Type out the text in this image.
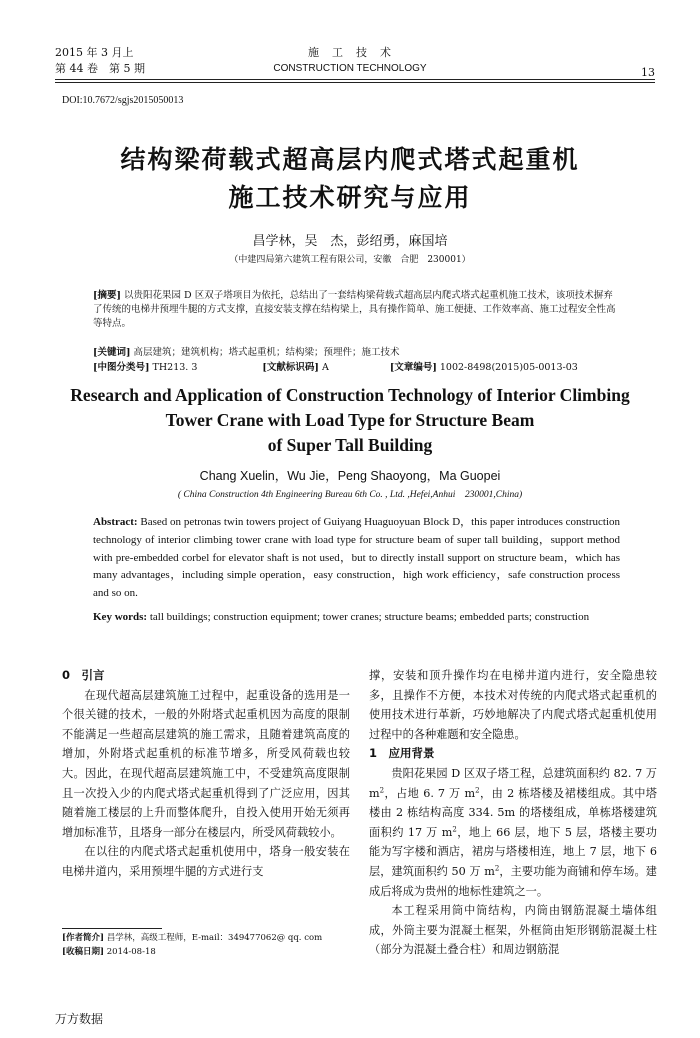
2015 年 3 月上
第 44 卷　第 5 期
施　工　技　术
CONSTRUCTION TECHNOLOGY	13
DOI:10.7672/sgjs2015050013
结构梁荷载式超高层内爬式塔式起重机
施工技术研究与应用
昌学林，吴　杰，彭绍勇，麻国培
（中建四局第六建筑工程有限公司，安徽　合肥　230001）
[摘要] 以贵阳花果园 D 区双子塔项目为依托，总结出了一套结构梁荷载式超高层内爬式塔式起重机施工技术，该项技术摒弃了传统的电梯井预埋牛腿的方式支撑，直接安装支撑在结构梁上，具有操作简单、施工便捷、工作效率高、施工过程安全性高等特点。
[关键词] 高层建筑；建筑机构；塔式起重机；结构梁；预埋件；施工技术
[中图分类号] TH213. 3	[文献标识码] A	[文章编号] 1002-8498(2015)05-0013-03
Research and Application of Construction Technology of Interior Climbing
Tower Crane with Load Type for Structure Beam
of Super Tall Building
Chang Xuelin，Wu Jie，Peng Shaoyong，Ma Guopei
( China Construction 4th Engineering Bureau 6th Co. , Ltd. ,Hefei,Anhui　230001,China)
Abstract: Based on petronas twin towers project of Guiyang Huaguoyuan Block D，this paper introduces construction technology of interior climbing tower crane with load type for structure beam of super tall building，support method with pre-embedded corbel for elevator shaft is not used，but to directly install support on structure beam，which has many advantages，including simple operation，easy construction，high work efficiency，safe construction process and so on.
Key words: tall buildings; construction equipment; tower cranes; structure beams; embedded parts; construction

0　引言

在现代超高层建筑施工过程中，起重设备的选用是一个很关键的技术，一般的外附塔式起重机因为高度的限制不能满足一些超高层建筑的施工需求，且随着建筑高度的增加，外附塔式起重机的标准节增多，所受风荷载也较大。因此，在现代超高层建筑施工中，不受建筑高度限制且一次投入少的内爬式塔式起重机得到了广泛应用，因其随着施工楼层的上升而整体爬升，自投入使用开始无须再增加标准节，且塔身一部分在楼层内，所受风荷载较小。

在以往的内爬式塔式起重机使用中，塔身一般安装在电梯井道内，采用预埋牛腿的方式进行支

[作者简介] 昌学林，高级工程师，E-mail：349477062@ qq. com
[收稿日期] 2014-08-18

撑，安装和顶升操作均在电梯井道内进行，安全隐患较多，且操作不方便，本技术对传统的内爬式塔式起重机的使用技术进行革新，巧妙地解决了内爬式塔式起重机使用过程中的各种难题和安全隐患。

1　应用背景

贵阳花果园 D 区双子塔工程，总建筑面积约 82. 7 万 $m^2$，占地 6. 7 万 $m^2$，由 2 栋塔楼及裙楼组成。其中塔楼由 2 栋结构高度 334. 5m 的塔楼组成，单栋塔楼建筑面积约 17 万 $m^2$，地上 66 层，地下 5 层，塔楼主要功能为写字楼和酒店，裙房与塔楼相连，地上 7 层，地下 6 层，建筑面积约 50 万 $m^2$，主要功能为商铺和停车场。建成后将成为贵州的地标性建筑之一。

本工程采用筒中筒结构，内筒由钢筋混凝土墙体组成，外筒主要为混凝土框架，外框筒由矩形钢筋混凝土柱（部分为混凝土叠合柱）和周边钢筋混

万方数据
